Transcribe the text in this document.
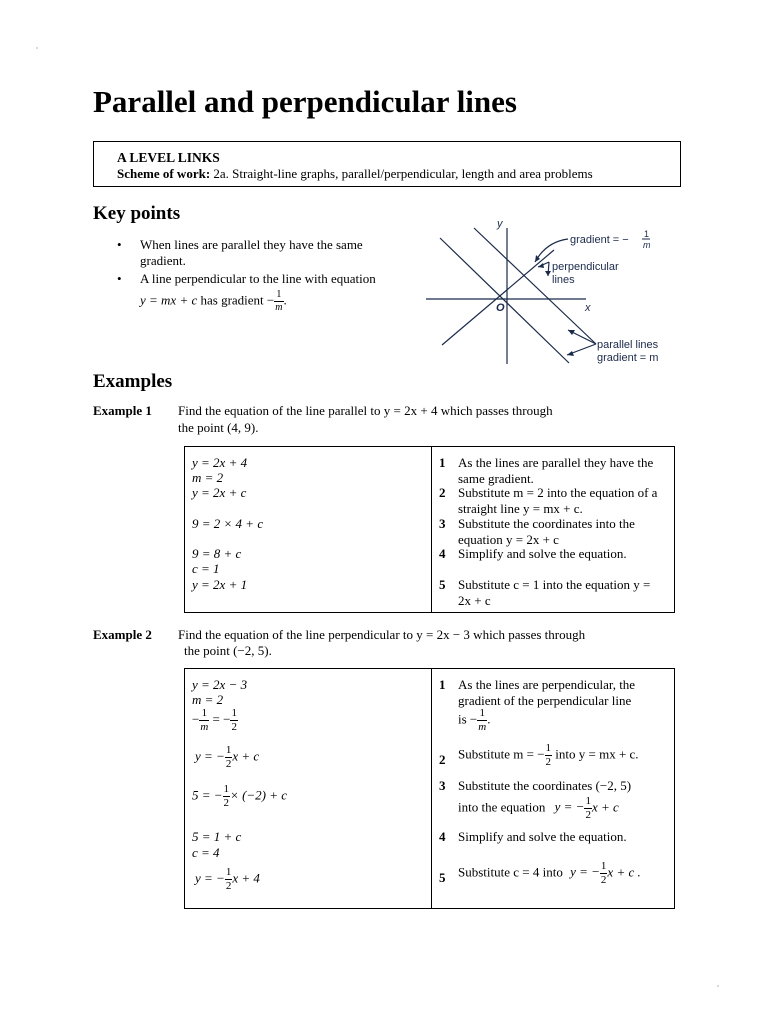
Parallel and perpendicular lines
A LEVEL LINKS
Scheme of work: 2a. Straight-line graphs, parallel/perpendicular, length and area problems
Key points
• When lines are parallel they have the same gradient.
• A line perpendicular to the line with equation
y = mx + c has gradient − $\frac{1}{m}$ .
y
x
O
gradient = − 1
m
perpendicular
lines
parallel lines
gradient = m
Examples
Example 1 Find the equation of the line parallel to y = 2x + 4 which passes through
the point (4, 9).
y = 2x + 4
m = 2
y = 2x + c
9 = 2 × 4 + c
9 = 8 + c
c = 1
y = 2x + 1
1 As the lines are parallel they have the same gradient.
2 Substitute m = 2 into the equation of a straight line y = mx + c.
3 Substitute the coordinates into the equation y = 2x + c
4 Simplify and solve the equation.
5 Substitute c = 1 into the equation y = 2x + c
Example 2 Find the equation of the line perpendicular to y = 2x − 3 which passes through
the point (−2, 5).
y = 2x − 3
m = 2
− $\frac{1}{m}$ = − $\frac{1}{2}$
y = − $\frac{1}{2}$ x + c
5 = − $\frac{1}{2} \times (-2) + c$
5 = 1 + c
c = 4
y = − $\frac{1}{2}$ x + 4
1 As the lines are perpendicular, the gradient of the perpendicular line
is − $\frac{1}{m}$ .
2 Substitute m = − $\frac{1}{2}$ into y = mx + c.
3 Substitute the coordinates (−2, 5)
into the equation y = − $\frac{1}{2}$ x + c
4 Simplify and solve the equation.
5 Substitute c = 4 into y = − $\frac{1}{2}$ x + c .
